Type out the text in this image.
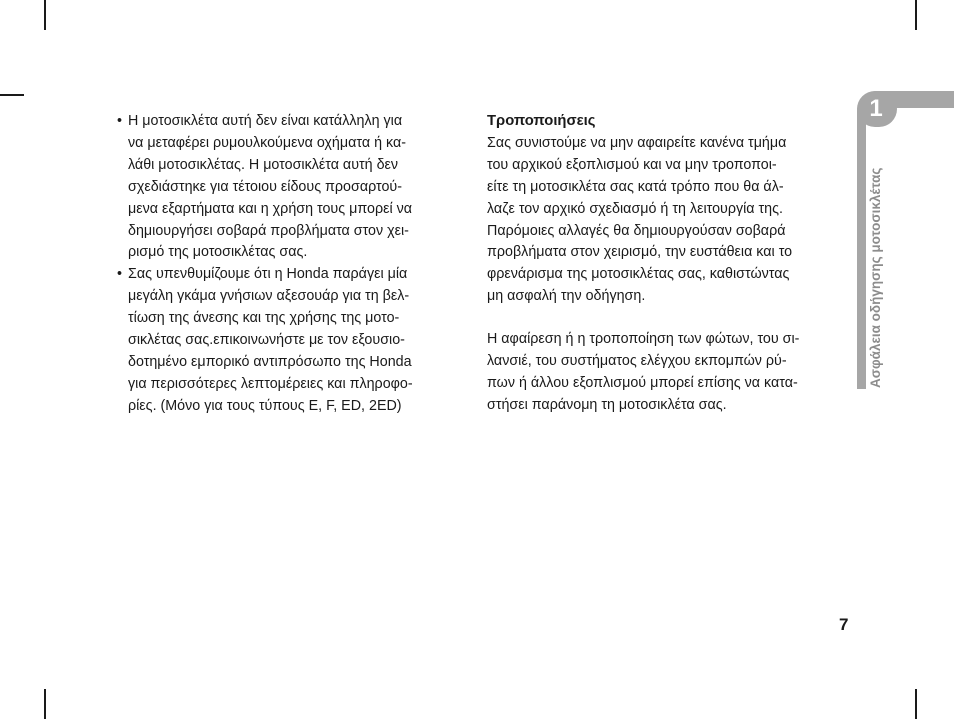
• Η μοτοσικλέτα αυτή δεν είναι κατάλληλη για
να μεταφέρει ρυμουλκούμενα οχήματα ή κα-
λάθι μοτοσικλέτας. Η μοτοσικλέτα αυτή δεν
σχεδιάστηκε για τέτοιου είδους προσαρτού-
μενα εξαρτήματα και η χρήση τους μπορεί να
δημιουργήσει σοβαρά προβλήματα στον χει-
ρισμό της μοτοσικλέτας σας.
• Σας υπενθυμίζουμε ότι η Honda παράγει μία
μεγάλη γκάμα γνήσιων αξεσουάρ για τη βελ-
τίωση της άνεσης και της χρήσης της μοτο-
σικλέτας σας.επικοινωνήστε με τον εξουσιο-
δοτημένο εμπορικό αντιπρόσωπο της Honda
για περισσότερες λεπτομέρειες και πληροφο-
ρίες. (Μόνο για τους τύπους E, F, ED, 2ED)
Τροποποιήσεις
Σας συνιστούμε να μην αφαιρείτε κανένα τμήμα
του αρχικού εξοπλισμού και να μην τροποποι-
είτε τη μοτοσικλέτα σας κατά τρόπο που θα άλ-
λαζε τον αρχικό σχεδιασμό ή τη λειτουργία της.
Παρόμοιες αλλαγές θα δημιουργούσαν σοβαρά
προβλήματα στον χειρισμό, την ευστάθεια και το
φρενάρισμα της μοτοσικλέτας σας, καθιστώντας
μη ασφαλή την οδήγηση.
Η αφαίρεση ή η τροποποίηση των φώτων, του σι-
λανσιέ, του συστήματος ελέγχου εκπομπών ρύ-
πων ή άλλου εξοπλισμού μπορεί επίσης να κατα-
στήσει παράνομη τη μοτοσικλέτα σας.
1
Ασφάλεια οδήγησης μοτοσικλέτας
7
